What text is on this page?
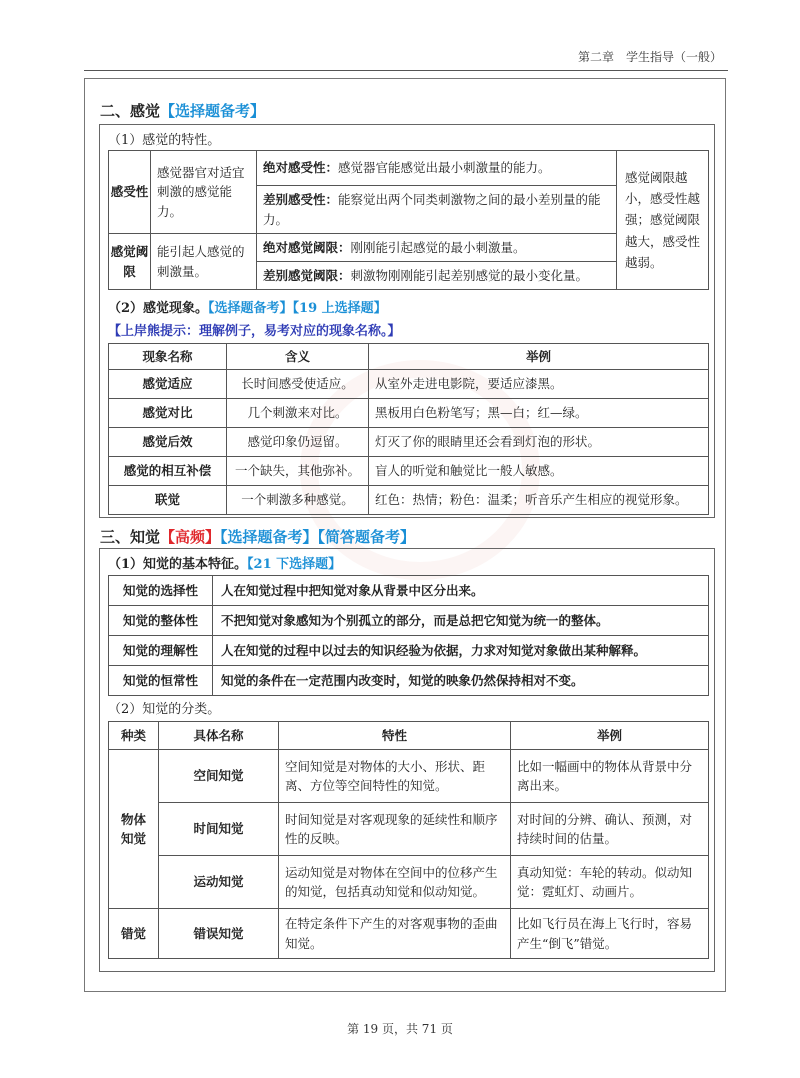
第二章　学生指导（一般）
二、感觉【选择题备考】
（1）感觉的特性。
感受性	感觉器官对适宜刺激的感觉能力。	绝对感受性：感觉器官能感觉出最小刺激量的能力。	感觉阈限越小，感受性越强；感觉阈限越大，感受性越弱。
		差别感受性：能察觉出两个同类刺激物之间的最小差别量的能力。	
感觉阈限	能引起人感觉的刺激量。	绝对感觉阈限：刚刚能引起感觉的最小刺激量。	
		差别感觉阈限：刺激物刚刚能引起差别感觉的最小变化量。	
（2）感觉现象。【选择题备考】【19 上选择题】
【上岸熊提示：理解例子，易考对应的现象名称。】
现象名称	含义	举例
感觉适应	长时间感受使适应。	从室外走进电影院，要适应漆黑。
感觉对比	几个刺激来对比。	黑板用白色粉笔写；黑—白；红—绿。
感觉后效	感觉印象仍逗留。	灯灭了你的眼睛里还会看到灯泡的形状。
感觉的相互补偿	一个缺失，其他弥补。	盲人的听觉和触觉比一般人敏感。
联觉	一个刺激多种感觉。	红色：热情；粉色：温柔；听音乐产生相应的视觉形象。
三、知觉【高频】【选择题备考】【简答题备考】
（1）知觉的基本特征。【21 下选择题】
知觉的选择性	人在知觉过程中把知觉对象从背景中区分出来。
知觉的整体性	不把知觉对象感知为个别孤立的部分，而是总把它知觉为统一的整体。
知觉的理解性	人在知觉的过程中以过去的知识经验为依据，力求对知觉对象做出某种解释。
知觉的恒常性	知觉的条件在一定范围内改变时，知觉的映象仍然保持相对不变。
（2）知觉的分类。
种类	具体名称	特性	举例
物体知觉	空间知觉	空间知觉是对物体的大小、形状、距离、方位等空间特性的知觉。	比如一幅画中的物体从背景中分离出来。
	时间知觉	时间知觉是对客观现象的延续性和顺序性的反映。	对时间的分辨、确认、预测，对持续时间的估量。
	运动知觉	运动知觉是对物体在空间中的位移产生的知觉，包括真动知觉和似动知觉。	真动知觉：车轮的转动。似动知觉：霓虹灯、动画片。
错觉	错误知觉	在特定条件下产生的对客观事物的歪曲知觉。	比如飞行员在海上飞行时，容易产生“倒飞”错觉。
第 19 页，共 71 页
